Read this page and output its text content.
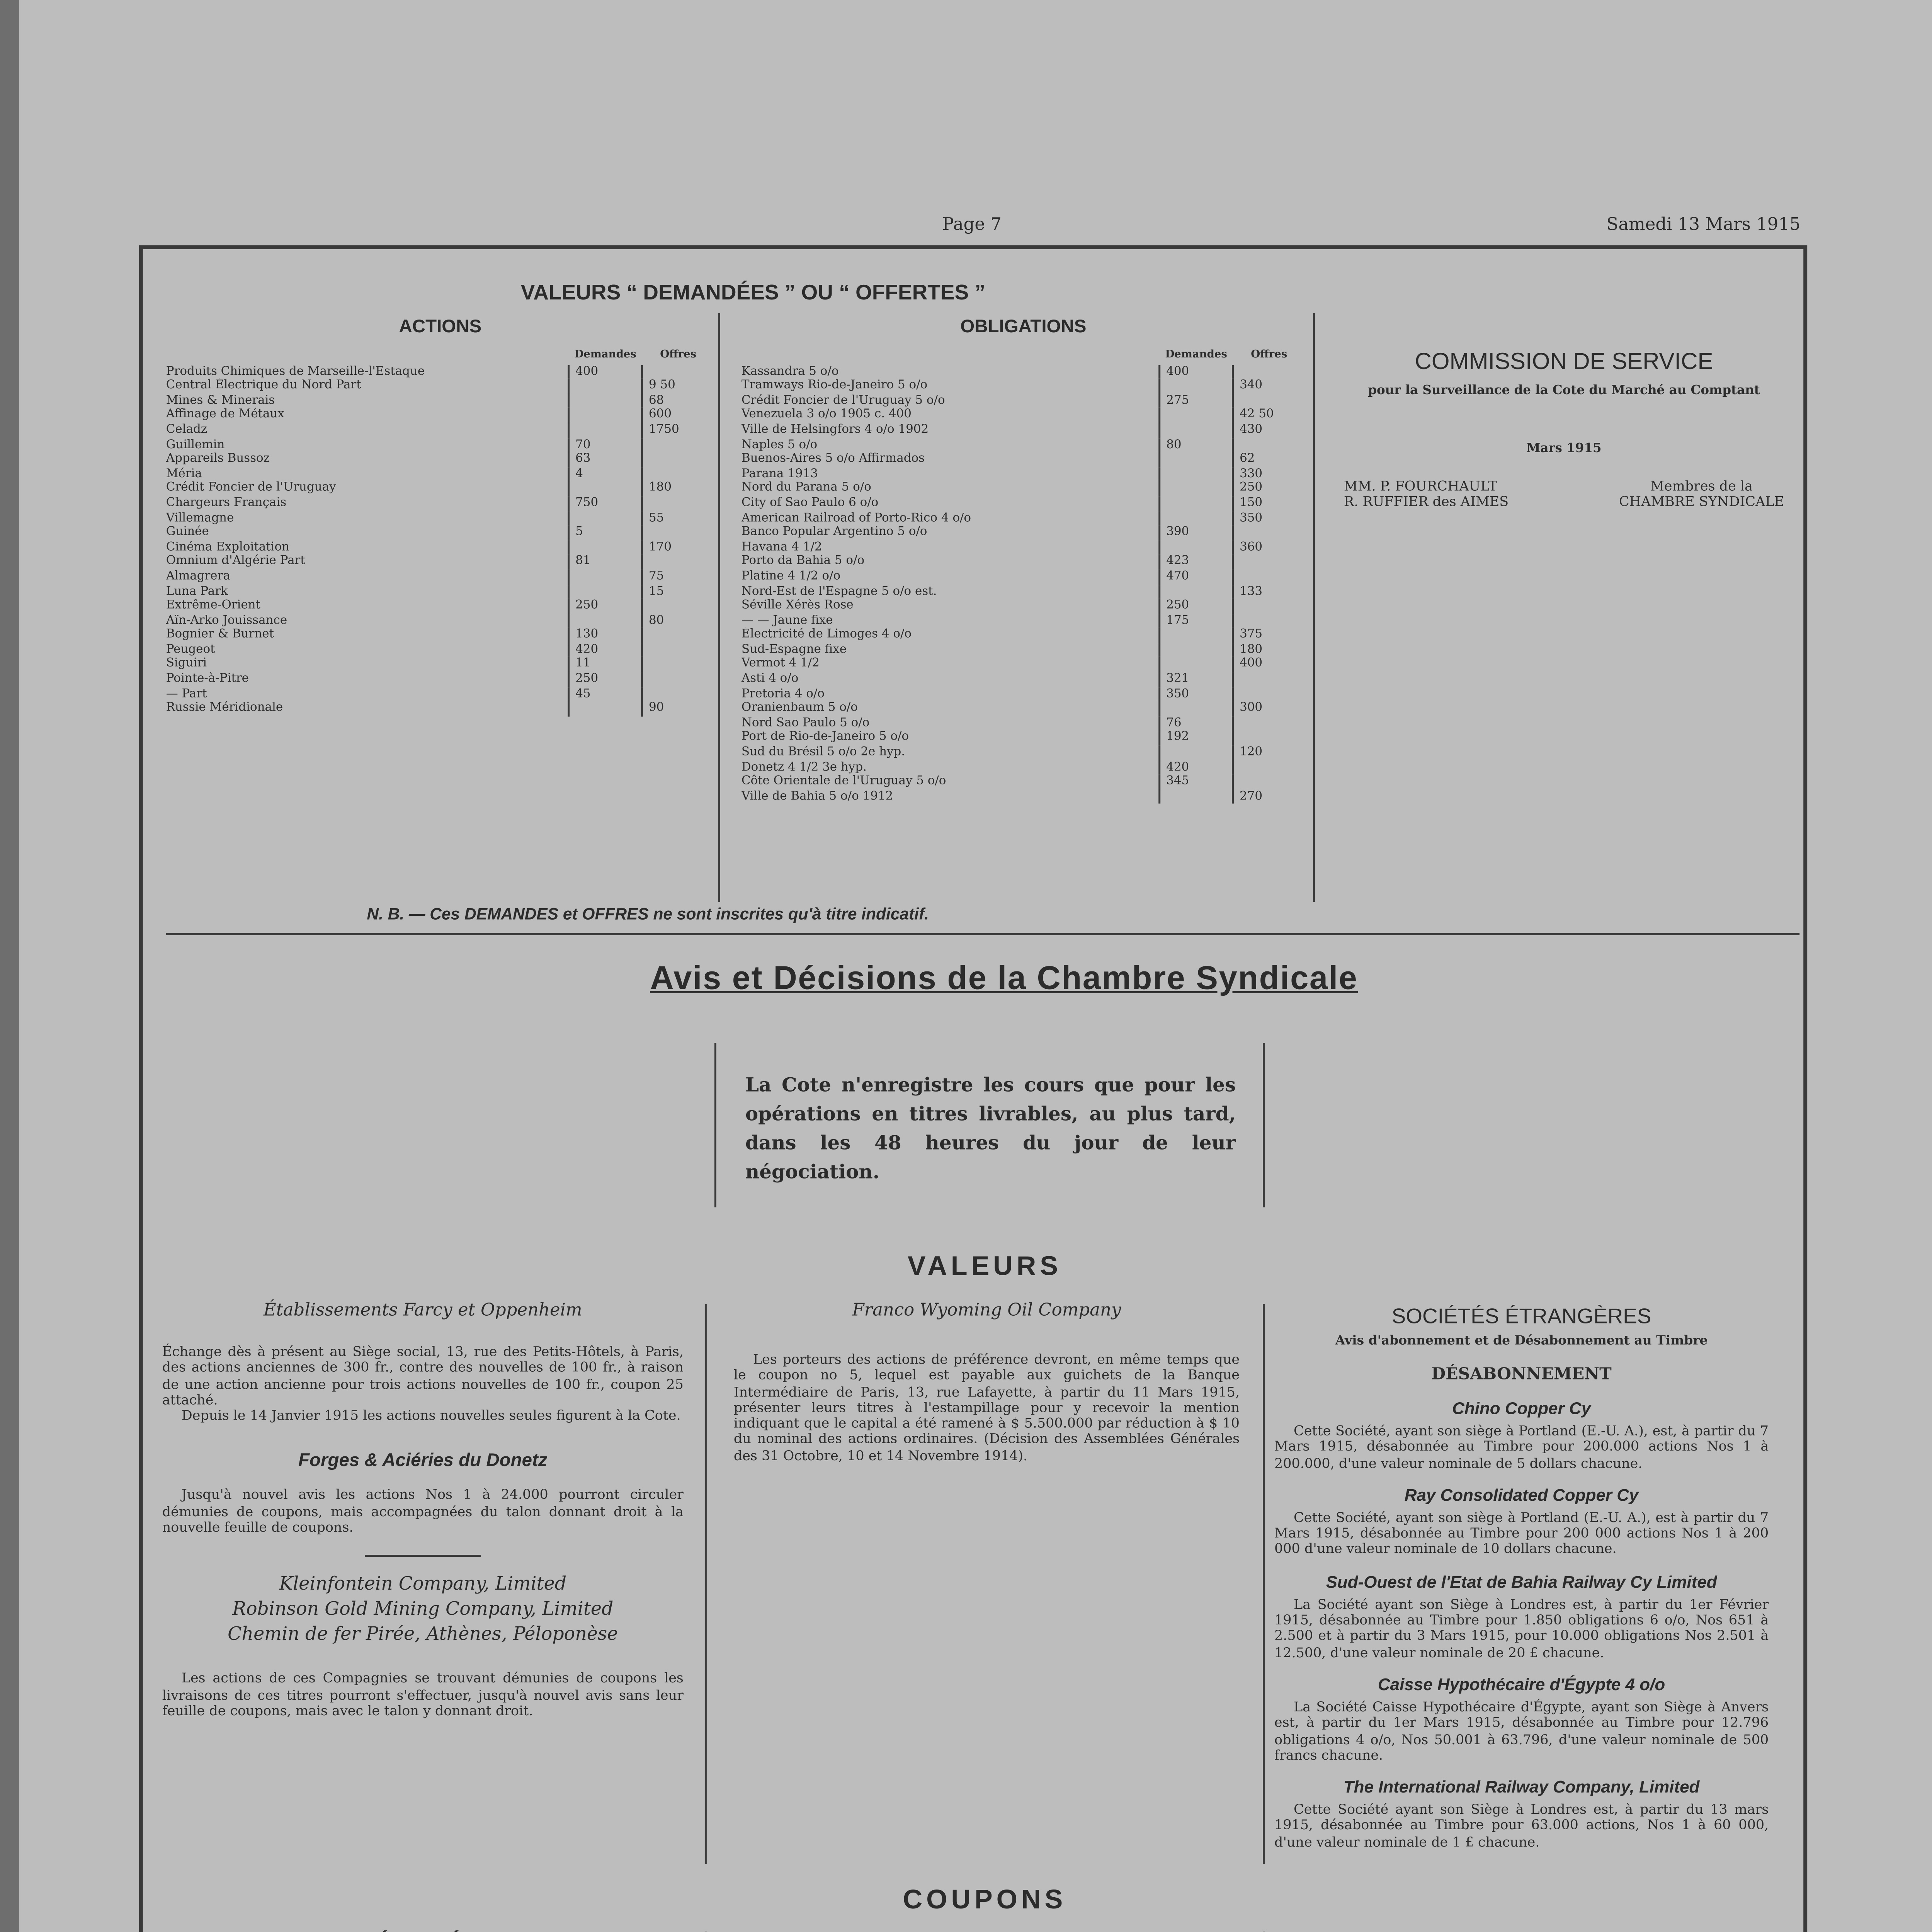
Page 7	Samedi 13 Mars 1915
VALEURS “ DEMANDÉES ” OU “ OFFERTES ”
ACTIONS
	Demandes	Offres
Produits Chimiques de Marseille-l'Estaque	400	
Central Électrique du Nord Part		9 50
Mines & Minerais		68
Affinage de Métaux		600
Celadz		1750
Guillemin	70	
Appareils Bussoz	63	
Méria	4	
Crédit Foncier de l'Uruguay		180
Chargeurs Français	750	
Villemagne		55
Guinée	5	
Cinéma Exploitation		170
Omnium d'Algérie Part	81	
Almagrera		75
Luna Park		15
Extrême-Orient	250	
Aïn-Arko Jouissance		80
Bognier & Burnet	130	
Peugeot	420	
Siguiri	11	
Pointe-à-Pitre	250	
— Part	45	
Russie Méridionale		90
OBLIGATIONS
	Demandes	Offres
Kassandra 5 o/o	400	
Tramways Rio-de-Janeiro 5 o/o		340
Crédit Foncier de l'Uruguay 5 o/o	275	
Venezuela 3 o/o 1905 c. 400		42 50
Ville de Helsingfors 4 o/o 1902		430
Naples 5 o/o	80	
Buenos-Aires 5 o/o Affirmados		62
Parana 1913		330
Nord du Parana 5 o/o		250
City of Sao Paulo 6 o/o		150
American Railroad of Porto-Rico 4 o/o		350
Banco Popular Argentino 5 o/o	390	
Havana 4 1/2		360
Porto da Bahia 5 o/o	423	
Platine 4 1/2 o/o	470	
Nord-Est de l'Espagne 5 o/o est.		133
Séville Xérès Rose	250	
— — Jaune fixe	175	
Électricité de Limoges 4 o/o		375
Sud-Espagne fixe		180
Vermot 4 1/2		400
Asti 4 o/o	321	
Pretoria 4 o/o	350	
Oranienbaum 5 o/o		300
Nord Sao Paulo 5 o/o	76	
Port de Rio-de-Janeiro 5 o/o	192	
Sud du Brésil 5 o/o 2e hyp.		120
Donetz 4 1/2 3e hyp.	420	
Côte Orientale de l'Uruguay 5 o/o	345	
Ville de Bahia 5 o/o 1912		270
COMMISSION DE SERVICE
pour la Surveillance de la Cote du Marché au Comptant
Mars 1915
MM. P. FOURCHAULT
R. RUFFIER des AIMES
Membres de la
CHAMBRE SYNDICALE
N. B. — Ces DEMANDES et OFFRES ne sont inscrites qu'à titre indicatif.
Avis et Décisions de la Chambre Syndicale
La Cote n'enregistre les cours que pour les opérations en titres livrables, au plus tard, dans les 48 heures du jour de leur négociation.
VALEURS
Établissements Farcy et Oppenheim
Échange dès à présent au Siège social, 13, rue des Petits-Hôtels, à Paris, des actions anciennes de 300 fr., contre des nouvelles de 100 fr., à raison de une action ancienne pour trois actions nouvelles de 100 fr., coupon 25 attaché.
Depuis le 14 Janvier 1915 les actions nouvelles seules figurent à la Cote.
Forges & Aciéries du Donetz
Jusqu'à nouvel avis les actions Nos 1 à 24.000 pourront circuler démunies de coupons, mais accompagnées du talon donnant droit à la nouvelle feuille de coupons.
Kleinfontein Company, Limited
Robinson Gold Mining Company, Limited
Chemin de fer Pirée, Athènes, Péloponèse
Les actions de ces Compagnies se trouvant démunies de coupons les livraisons de ces titres pourront s'effectuer, jusqu'à nouvel avis sans leur feuille de coupons, mais avec le talon y donnant droit.
Franco Wyoming Oil Company
Les porteurs des actions de préférence devront, en même temps que le coupon no 5, lequel est payable aux guichets de la Banque Intermédiaire de Paris, 13, rue Lafayette, à partir du 11 Mars 1915, présenter leurs titres à l'estampillage pour y recevoir la mention indiquant que le capital a été ramené à $ 5.500.000 par réduction à $ 10 du nominal des actions ordinaires. (Décision des Assemblées Générales des 31 Octobre, 10 et 14 Novembre 1914).
SOCIÉTÉS ÉTRANGÈRES
Avis d'abonnement et de Désabonnement au Timbre
DÉSABONNEMENT
Chino Copper Cy
Cette Société, ayant son siège à Portland (E.-U. A.), est, à partir du 7 Mars 1915, désabonnée au Timbre pour 200.000 actions Nos 1 à 200.000, d'une valeur nominale de 5 dollars chacune.
Ray Consolidated Copper Cy
Cette Société, ayant son siège à Portland (E.-U. A.), est à partir du 7 Mars 1915, désabonnée au Timbre pour 200 000 actions Nos 1 à 200 000 d'une valeur nominale de 10 dollars chacune.
Sud-Ouest de l'Etat de Bahia Railway Cy Limited
La Société ayant son Siège à Londres est, à partir du 1er Février 1915, désabonnée au Timbre pour 1.850 obligations 6 o/o, Nos 651 à 2.500 et à partir du 3 Mars 1915, pour 10.000 obligations Nos 2.501 à 12.500, d'une valeur nominale de 20 £ chacune.
Caisse Hypothécaire d'Égypte 4 o/o
La Société Caisse Hypothécaire d'Égypte, ayant son Siège à Anvers est, à partir du 1er Mars 1915, désabonnée au Timbre pour 12.796 obligations 4 o/o, Nos 50.001 à 63.796, d'une valeur nominale de 500 francs chacune.
The International Railway Company, Limited
Cette Société ayant son Siège à Londres est, à partir du 13 mars 1915, désabonnée au Timbre pour 63.000 actions, Nos 1 à 60 000, d'une valeur nominale de 1 £ chacune.
COUPONS
